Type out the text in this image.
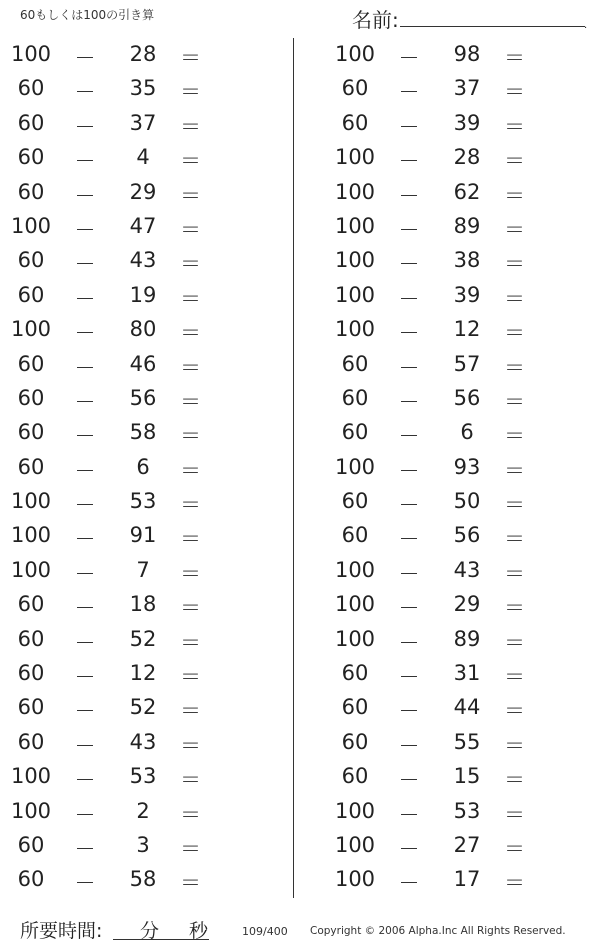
60もしくは100の引き算	名前:	.
100	－	28	＝
60	－	35	＝
60	－	37	＝
60	－	4	＝
60	－	29	＝
100	－	47	＝
60	－	43	＝
60	－	19	＝
100	－	80	＝
60	－	46	＝
60	－	56	＝
60	－	58	＝
60	－	6	＝
100	－	53	＝
100	－	91	＝
100	－	7	＝
60	－	18	＝
60	－	52	＝
60	－	12	＝
60	－	52	＝
60	－	43	＝
100	－	53	＝
100	－	2	＝
60	－	3	＝
60	－	58	＝
100	－	98	＝
60	－	37	＝
60	－	39	＝
100	－	28	＝
100	－	62	＝
100	－	89	＝
100	－	38	＝
100	－	39	＝
100	－	12	＝
60	－	57	＝
60	－	56	＝
60	－	6	＝
100	－	93	＝
60	－	50	＝
60	－	56	＝
100	－	43	＝
100	－	29	＝
100	－	89	＝
60	－	31	＝
60	－	44	＝
60	－	55	＝
60	－	15	＝
100	－	53	＝
100	－	27	＝
100	－	17	＝
所要時間: 分 秒	109/400 Copyright © 2006 Alpha.Inc All Rights Reserved.
